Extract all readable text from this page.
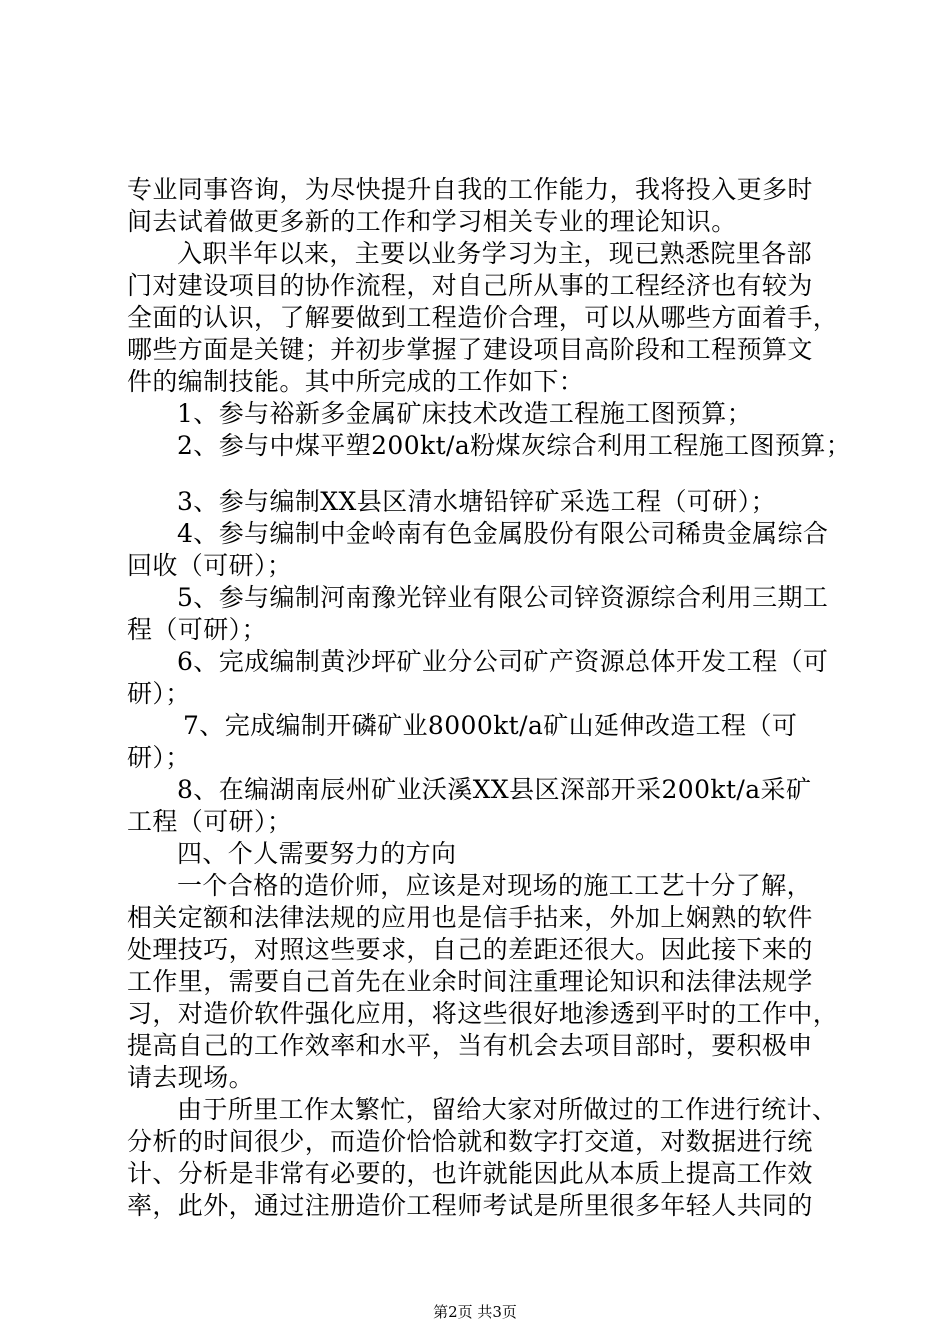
专业同事咨询，为尽快提升自我的工作能力，我将投入更多时
间去试着做更多新的工作和学习相关专业的理论知识。
入职半年以来，主要以业务学习为主，现已熟悉院里各部
门对建设项目的协作流程，对自己所从事的工程经济也有较为
全面的认识，了解要做到工程造价合理，可以从哪些方面着手，
哪些方面是关键；并初步掌握了建设项目高阶段和工程预算文
件的编制技能。其中所完成的工作如下：
1、参与裕新多金属矿床技术改造工程施工图预算；
2、参与中煤平塑200kt/a粉煤灰综合利用工程施工图预算；
3、参与编制XX县区清水塘铅锌矿采选工程（可研）；
4、参与编制中金岭南有色金属股份有限公司稀贵金属综合
回收（可研）；
5、参与编制河南豫光锌业有限公司锌资源综合利用三期工
程（可研）；
6、完成编制黄沙坪矿业分公司矿产资源总体开发工程（可
研）；
7、完成编制开磷矿业8000kt/a矿山延伸改造工程（可
研）；
8、在编湖南辰州矿业沃溪XX县区深部开采200kt/a采矿
工程（可研）；
四、个人需要努力的方向
一个合格的造价师，应该是对现场的施工工艺十分了解，
相关定额和法律法规的应用也是信手拈来，外加上娴熟的软件
处理技巧，对照这些要求，自己的差距还很大。因此接下来的
工作里，需要自己首先在业余时间注重理论知识和法律法规学
习，对造价软件强化应用，将这些很好地渗透到平时的工作中，
提高自己的工作效率和水平，当有机会去项目部时，要积极申
请去现场。
由于所里工作太繁忙，留给大家对所做过的工作进行统计、
分析的时间很少，而造价恰恰就和数字打交道，对数据进行统
计、分析是非常有必要的，也许就能因此从本质上提高工作效
率，此外，通过注册造价工程师考试是所里很多年轻人共同的
第2页 共3页
